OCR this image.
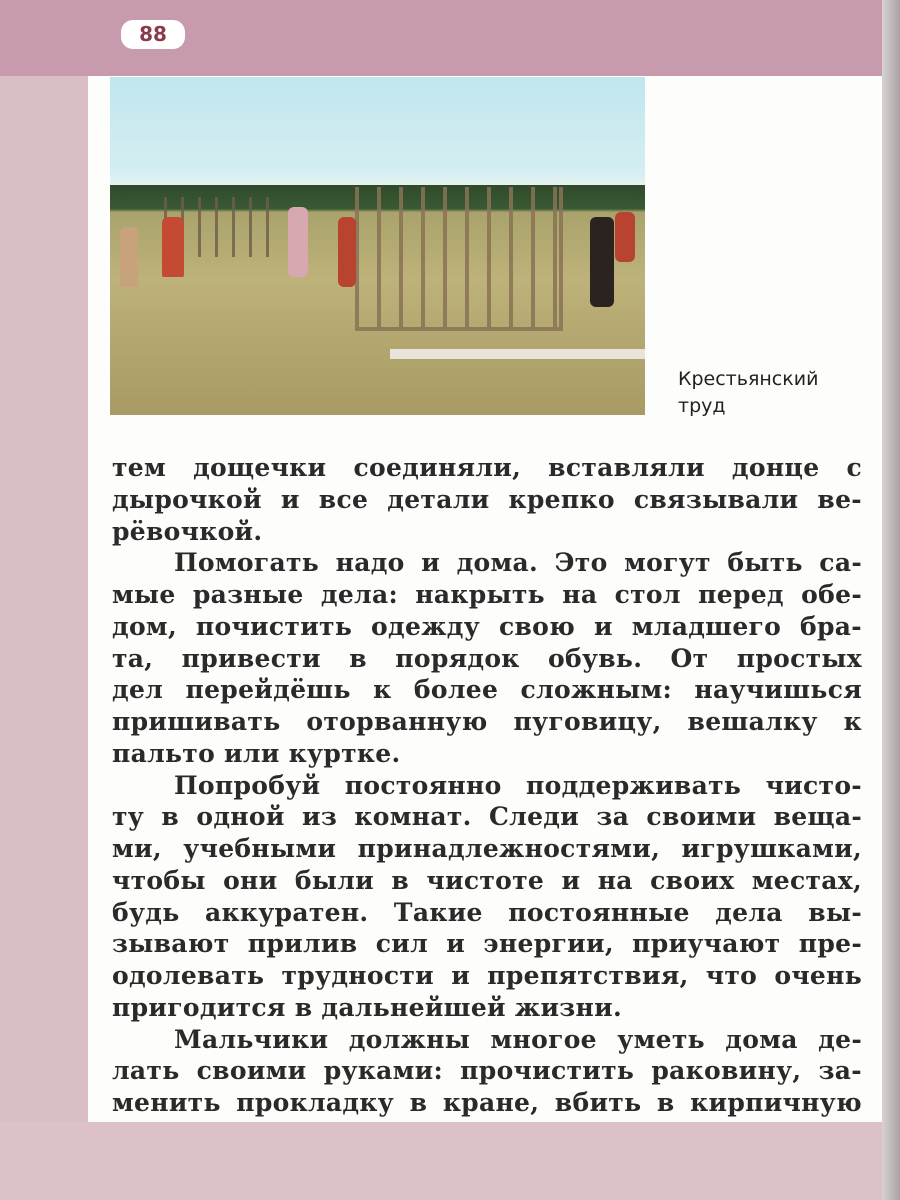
88
Крестьянский
труд
тем дощечки соединяли, вставляли донце с
дырочкой и все детали крепко связывали ве-
рёвочкой.
Помогать надо и дома. Это могут быть са-
мые разные дела: накрыть на стол перед обе-
дом, почистить одежду свою и младшего бра-
та, привести в порядок обувь. От простых
дел перейдёшь к более сложным: научишься
пришивать оторванную пуговицу, вешалку к
пальто или куртке.
Попробуй постоянно поддерживать чисто-
ту в одной из комнат. Следи за своими веща-
ми, учебными принадлежностями, игрушками,
чтобы они были в чистоте и на своих местах,
будь аккуратен. Такие постоянные дела вы-
зывают прилив сил и энергии, приучают пре-
одолевать трудности и препятствия, что очень
пригодится в дальнейшей жизни.
Мальчики должны многое уметь дома де-
лать своими руками: прочистить раковину, за-
менить прокладку в кране, вбить в кирпичную
